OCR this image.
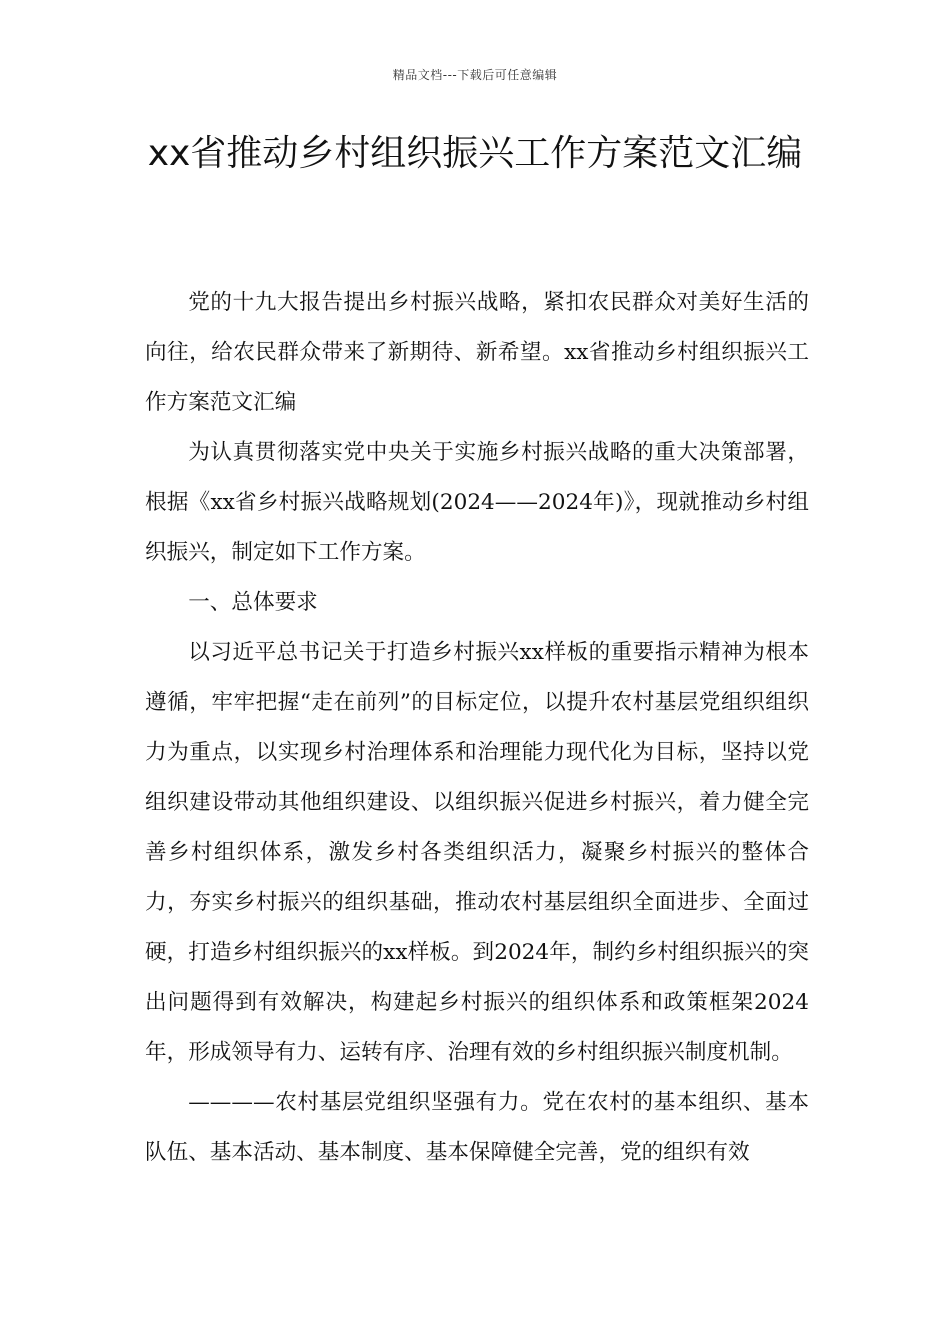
精品文档---下载后可任意编辑
xx省推动乡村组织振兴工作方案范文汇编

党的十九大报告提出乡村振兴战略，紧扣农民群众对美好生活的向往，给农民群众带来了新期待、新希望。xx省推动乡村组织振兴工作方案范文汇编

为认真贯彻落实党中央关于实施乡村振兴战略的重大决策部署，根据《xx省乡村振兴战略规划(2024——2024年)》，现就推动乡村组织振兴，制定如下工作方案。

一、总体要求

以习近平总书记关于打造乡村振兴xx样板的重要指示精神为根本遵循，牢牢把握“走在前列”的目标定位，以提升农村基层党组织组织力为重点，以实现乡村治理体系和治理能力现代化为目标，坚持以党组织建设带动其他组织建设、以组织振兴促进乡村振兴，着力健全完善乡村组织体系，激发乡村各类组织活力，凝聚乡村振兴的整体合力，夯实乡村振兴的组织基础，推动农村基层组织全面进步、全面过硬，打造乡村组织振兴的xx样板。到2024年，制约乡村组织振兴的突出问题得到有效解决，构建起乡村振兴的组织体系和政策框架2024年，形成领导有力、运转有序、治理有效的乡村组织振兴制度机制。

————农村基层党组织坚强有力。党在农村的基本组织、基本队伍、基本活动、基本制度、基本保障健全完善，党的组织有效
